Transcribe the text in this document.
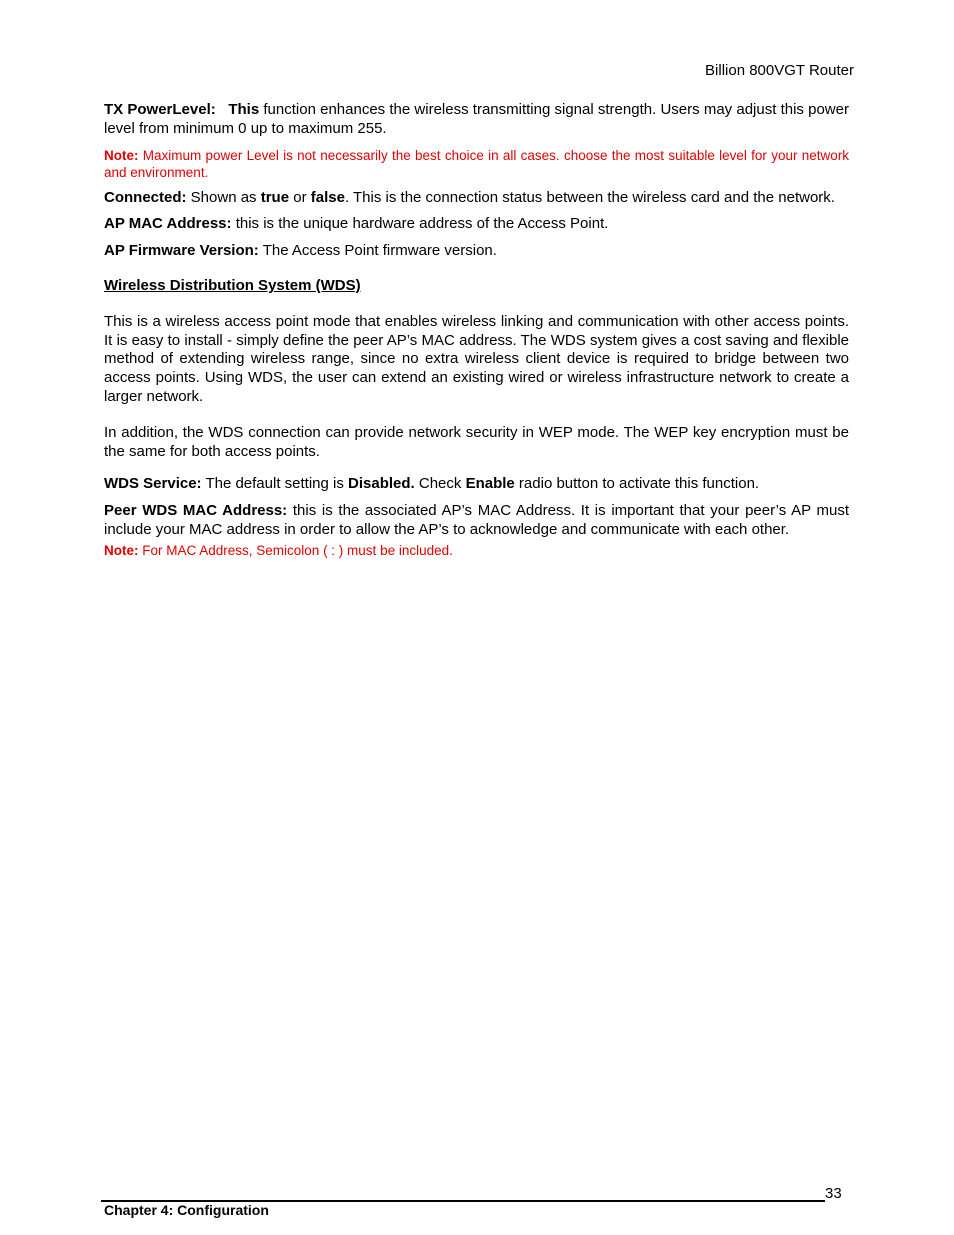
Billion 800VGT Router

TX PowerLevel: This function enhances the wireless transmitting signal strength. Users may adjust this power level from minimum 0 up to maximum 255.

Note: Maximum power Level is not necessarily the best choice in all cases. choose the most suitable level for your network and environment.

Connected: Shown as true or false. This is the connection status between the wireless card and the network.

AP MAC Address: this is the unique hardware address of the Access Point.

AP Firmware Version: The Access Point firmware version.

Wireless Distribution System (WDS)

This is a wireless access point mode that enables wireless linking and communication with other access points. It is easy to install - simply define the peer AP’s MAC address. The WDS system gives a cost saving and flexible method of extending wireless range, since no extra wireless client device is required to bridge between two access points. Using WDS, the user can extend an existing wired or wireless infrastructure network to create a larger network.

In addition, the WDS connection can provide network security in WEP mode. The WEP key encryption must be the same for both access points.

WDS Service: The default setting is Disabled. Check Enable radio button to activate this function.

Peer WDS MAC Address: this is the associated AP’s MAC Address. It is important that your peer’s AP must include your MAC address in order to allow the AP’s to acknowledge and communicate with each other.

Note: For MAC Address, Semicolon ( : ) must be included.

33
Chapter 4: Configuration
